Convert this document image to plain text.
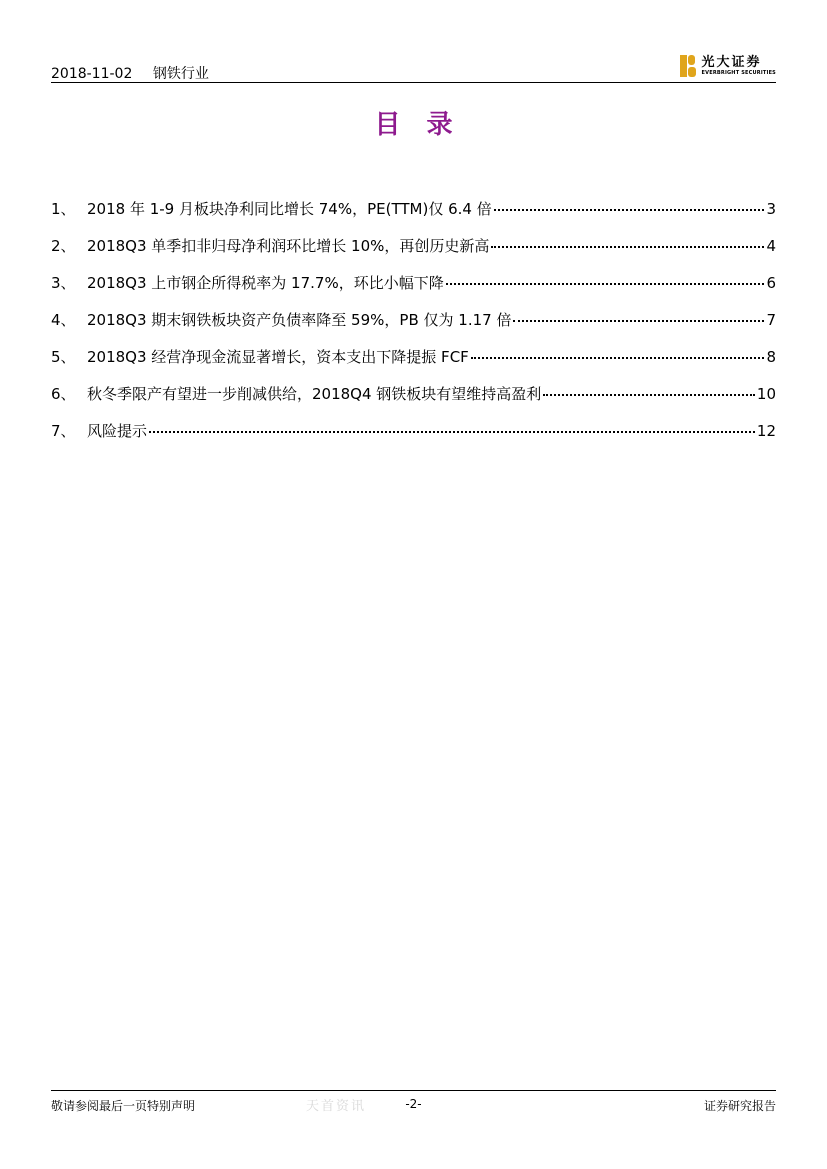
2018-11-02 钢铁行业
光大证券
EVERBRIGHT SECURITIES
目录
1、 2018 年 1-9 月板块净利同比增长 74%，PE(TTM)仅 6.4 倍	3
2、 2018Q3 单季扣非归母净利润环比增长 10%，再创历史新高	4
3、 2018Q3 上市钢企所得税率为 17.7%，环比小幅下降	6
4、 2018Q3 期末钢铁板块资产负债率降至 59%，PB 仅为 1.17 倍	7
5、 2018Q3 经营净现金流显著增长，资本支出下降提振 FCF	8
6、 秋冬季限产有望进一步削减供给，2018Q4 钢铁板块有望维持高盈利	10
7、 风险提示	12
敬请参阅最后一页特别声明	天首资讯	-2-	证券研究报告
